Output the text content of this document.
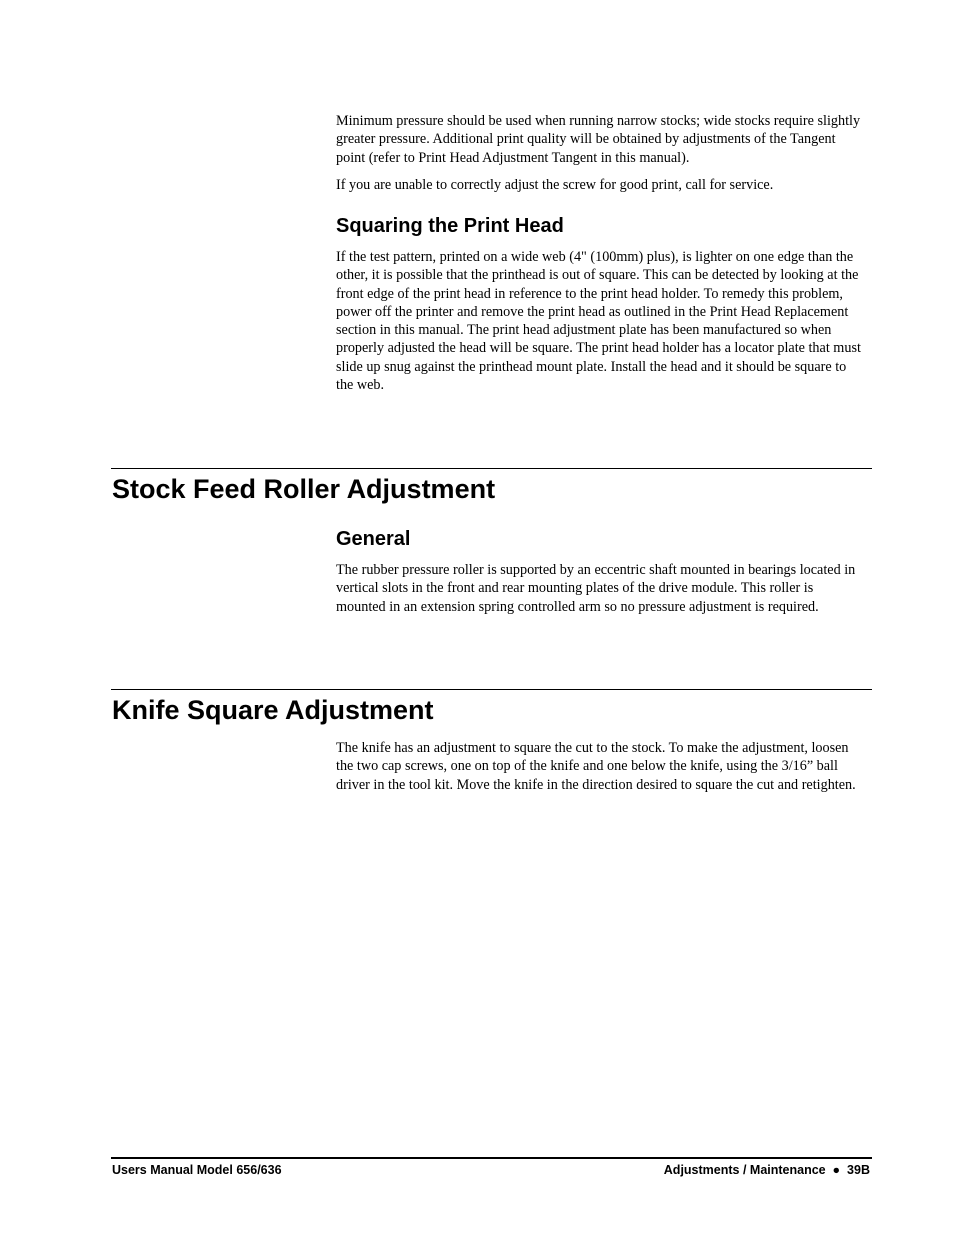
Minimum pressure should be used when running narrow stocks; wide stocks require slightly greater pressure. Additional print quality will be obtained by adjustments of the Tangent point (refer to Print Head Adjustment Tangent in this manual).

If you are unable to correctly adjust the screw for good print, call for service.

Squaring the Print Head

If the test pattern, printed on a wide web (4" (100mm) plus), is lighter on one edge than the other, it is possible that the printhead is out of square. This can be detected by looking at the front edge of the print head in reference to the print head holder. To remedy this problem, power off the printer and remove the print head as outlined in the Print Head Replacement section in this manual. The print head adjustment plate has been manufactured so when properly adjusted the head will be square. The print head holder has a locator plate that must slide up snug against the printhead mount plate. Install the head and it should be square to the web.

Stock Feed Roller Adjustment
General

The rubber pressure roller is supported by an eccentric shaft mounted in bearings located in vertical slots in the front and rear mounting plates of the drive module. This roller is mounted in an extension spring controlled arm so no pressure adjustment is required.

Knife Square Adjustment

The knife has an adjustment to square the cut to the stock. To make the adjustment, loosen the two cap screws, one on top of the knife and one below the knife, using the 3/16” ball driver in the tool kit. Move the knife in the direction desired to square the cut and retighten.

Users Manual Model 656/636	Adjustments / Maintenance  ●  39B
